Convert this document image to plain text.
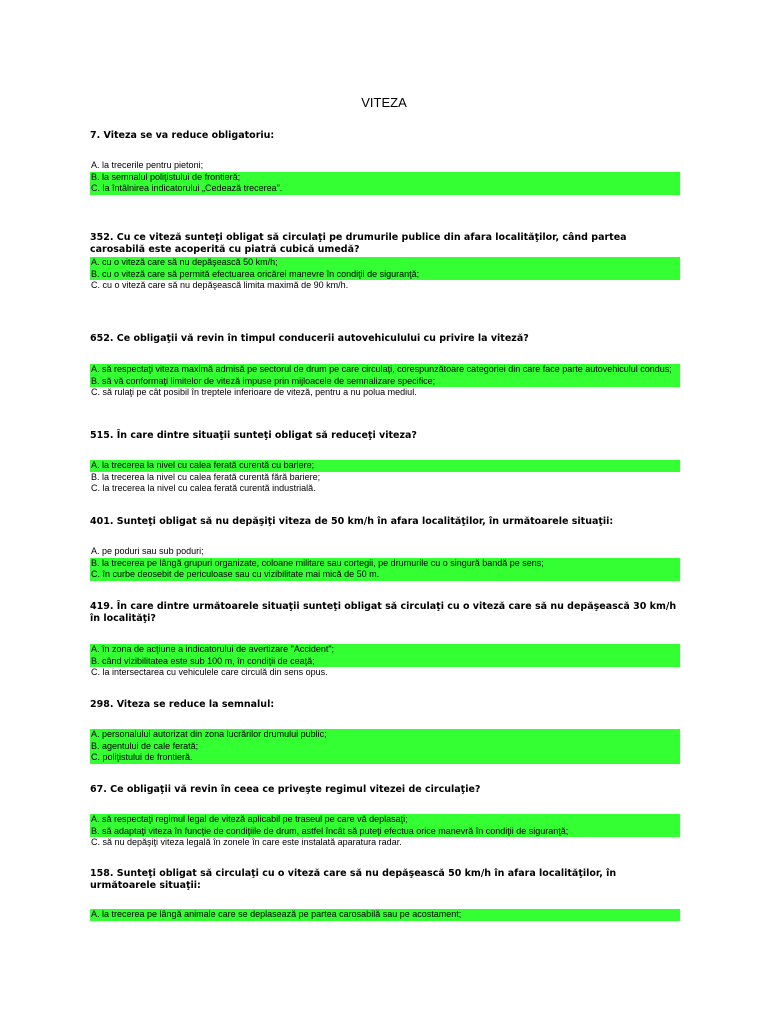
VITEZA

7. Viteza se va reduce obligatoriu:

A. la trecerile pentru pietoni;
B. la semnalul poliţistului de frontieră;
C. la întâlnirea indicatorului „Cedează trecerea".

352. Cu ce viteză sunteţi obligat să circulaţi pe drumurile publice din afara localităţilor, când partea carosabilă este acoperită cu piatră cubică umedă?

A. cu o viteză care să nu depăşească 50 km/h;
B. cu o viteză care să permită efectuarea oricărei manevre în condiţii de siguranţă;
C. cu o viteză care să nu depăşească limita maximă de 90 km/h.

652. Ce obligaţii vă revin în timpul conducerii autovehiculului cu privire la viteză?

A. să respectaţi viteza maximă admisă pe sectorul de drum pe care circulaţi, corespunzătoare categoriei din care face parte autovehiculul condus;
B. să vă conformaţi limitelor de viteză impuse prin mijloacele de semnalizare specifice;
C. să rulaţi pe cât posibil în treptele inferioare de viteză, pentru a nu polua mediul.

515. În care dintre situaţii sunteţi obligat să reduceţi viteza?

A. la trecerea la nivel cu calea ferată curentă cu bariere;
B. la trecerea la nivel cu calea ferată curentă fără bariere;
C. la trecerea la nivel cu calea ferată curentă industrială.

401. Sunteţi obligat să nu depăşiţi viteza de 50 km/h în afara localităţilor, în următoarele situaţii:

A. pe poduri sau sub poduri;
B. la trecerea pe lângă grupuri organizate, coloane militare sau cortegii, pe drumurile cu o singură bandă pe sens;
C. în curbe deosebit de periculoase sau cu vizibilitate mai mică de 50 m.

419. În care dintre următoarele situaţii sunteţi obligat să circulaţi cu o viteză care să nu depăşească 30 km/h în localităţi?

A. în zona de acţiune a indicatorului de avertizare "Accident";
B. când vizibilitatea este sub 100 m, în condiţii de ceaţă;
C. la intersectarea cu vehiculele care circulă din sens opus.

298. Viteza se reduce la semnalul:

A. personalului autorizat din zona lucrărilor drumului public;
B. agentului de cale ferată;
C. poliţistului de frontieră.

67. Ce obligaţii vă revin în ceea ce priveşte regimul vitezei de circulaţie?

A. să respectaţi regimul legal de viteză aplicabil pe traseul pe care vă deplasaţi;
B. să adaptaţi viteza în funcţie de condiţiile de drum, astfel încât să puteţi efectua orice manevră în condiţii de siguranţă;
C. să nu depăşiţi viteza legală în zonele în care este instalată aparatura radar.

158. Sunteţi obligat să circulaţi cu o viteză care să nu depăşească 50 km/h în afara localităţilor, în următoarele situaţii:

A. la trecerea pe lângă animale care se deplasează pe partea carosabilă sau pe acostament;
